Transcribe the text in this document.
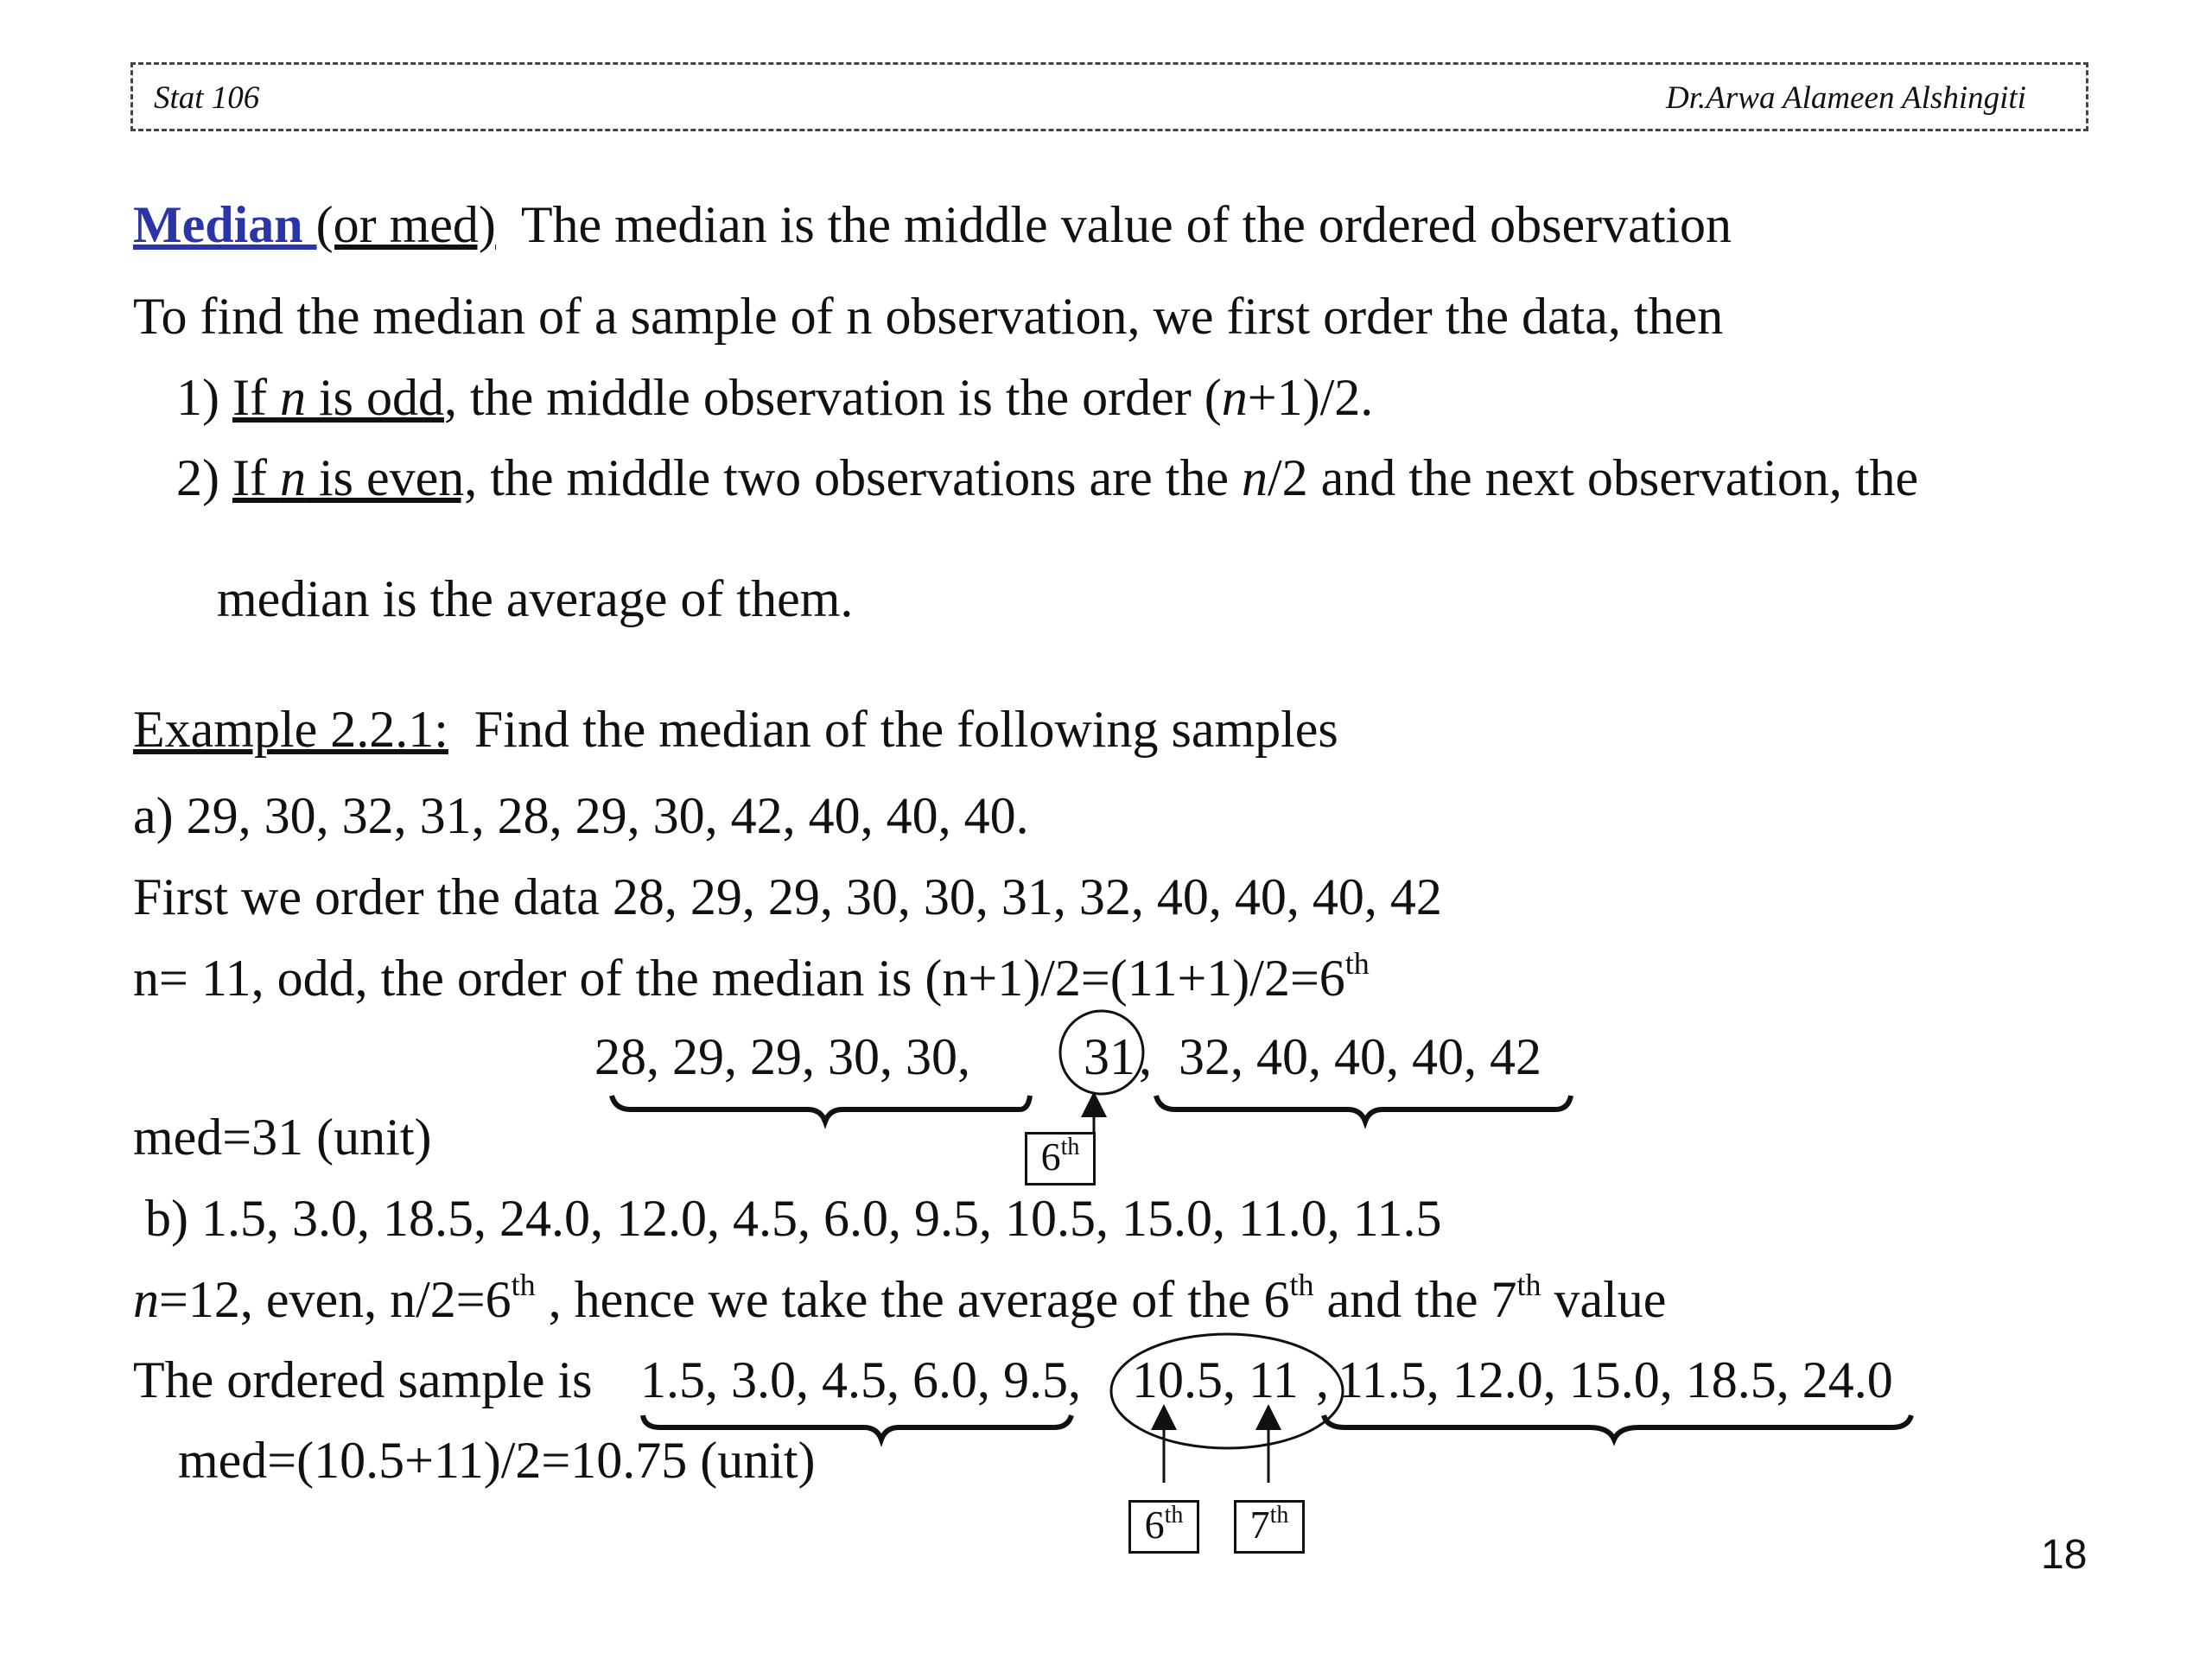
Stat 106	Dr.Arwa Alameen Alshingiti
Median (or med) The median is the middle value of the ordered observation
To find the median of a sample of n observation, we first order the data, then
1) If n is odd, the middle observation is the order (n+1)/2.
2) If n is even, the middle two observations are the n/2 and the next observation, the
median is the average of them.
Example 2.2.1: Find the median of the following samples
a) 29, 30, 32, 31, 28, 29, 30, 42, 40, 40, 40.
First we order the data 28, 29, 29, 30, 30, 31, 32, 40, 40, 40, 42
n= 11, odd, the order of the median is (n+1)/2=(11+1)/2=6th
28, 29, 29, 30, 30, 31 , 32, 40, 40, 40, 42
med=31 (unit)	6th
b) 1.5, 3.0, 18.5, 24.0, 12.0, 4.5, 6.0, 9.5, 10.5, 15.0, 11.0, 11.5
n=12, even, n/2=6th , hence we take the average of the 6th and the 7th value
The ordered sample is 1.5, 3.0, 4.5, 6.0, 9.5, 10.5, 11 , 11.5, 12.0, 15.0, 18.5, 24.0
med=(10.5+11)/2=10.75 (unit)
6th	7th
18
